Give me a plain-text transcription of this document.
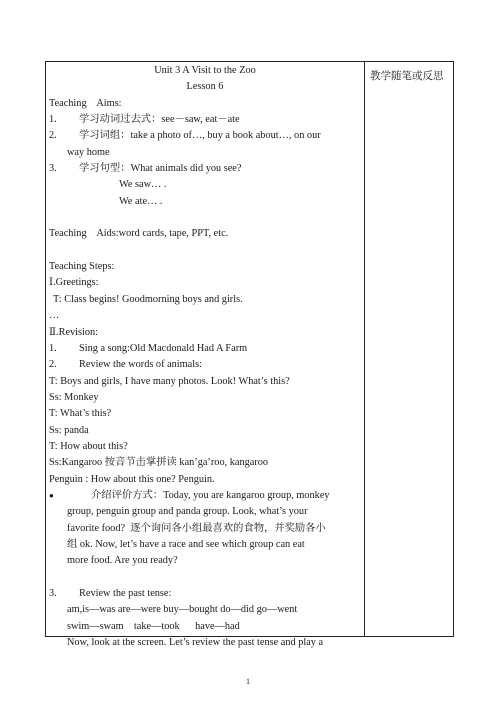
Unit 3 A Visit to the Zoo
Lesson 6
Teaching    Aims:
1. 学习动词过去式：see－saw, eat－ate
2. 学习词组：take a photo of…, buy a book about…, on our
way home
3. 学习句型：What animals did you see?
We saw… .
We ate… .
Teaching    Aids:word cards, tape, PPT, etc.
Teaching Steps:
Ⅰ.Greetings:
T: Class begins! Goodmorning boys and girls.
…
Ⅱ.Revision:
1. Sing a song:Old Macdonald Had A Farm
2. Review the words of animals:
T: Boys and girls, I have many photos. Look! What’s this?
Ss: Monkey
T: What’s this?
Ss: panda
T: How about this?
Ss:Kangaroo 按音节击掌拼读 kan’ga’roo, kangaroo
Penguin : How about this one? Penguin.
●	介绍评价方式：Today, you are kangaroo group, monkey
group, penguin group and panda group. Look, what’s your
favorite food?  逐个询问各小组最喜欢的食物，并奖励各小
组 ok. Now, let’s have a race and see which group can eat
more food. Are you ready?
3. Review the past tense:
am,is—was are—were buy—bought do—did go—went
swim—swam    take—took      have—had
Now, look at the screen. Let’s review the past tense and play a
教学随笔或反思
1
